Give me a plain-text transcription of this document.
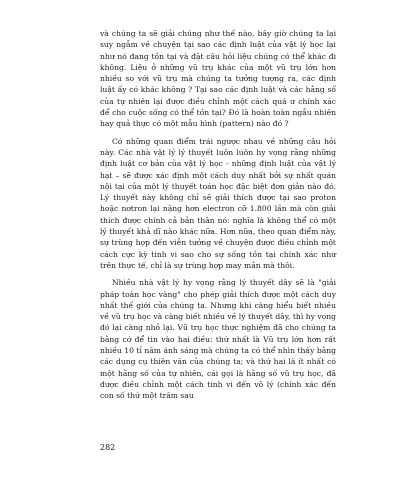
và chúng ta sẽ giải chúng như thế nào, bây giờ chúng ta lại suy ngẫm về chuyện tại sao các định luật của vật lý học lại như nó đang tồn tại và đặt câu hỏi liệu chúng có thể khác đi không. Liệu ở những vũ trụ khác của một vũ trụ lớn hơn nhiều so với vũ trụ mà chúng ta tưởng tượng ra, các định luật ấy có khác không ? Tại sao các định luật và các hằng số của tự nhiên lại được điều chỉnh một cách quá ư chính xác để cho cuộc sống có thể tồn tại? Đó là hoàn toàn ngẫu nhiên hay quả thực có một mẫu hình (pattern) nào đó ?

Có những quan điểm trái ngược nhau về những câu hỏi này. Các nhà vật lý lý thuyết luôn luôn hy vọng rằng những định luật cơ bản của vật lý học - những định luật của vật lý hạt – sẽ được xác định một cách duy nhất bởi sự nhất quán nội tại của một lý thuyết toán học đặc biệt đơn giản nào đó. Lý thuyết này không chỉ sẽ giải thích được tại sao proton hoặc nơtron lại nặng hơn electron cỡ 1.800 lần mà còn giải thích được chính cả bản thân nó: nghĩa là không thể có một lý thuyết khả dĩ nào khác nữa. Hơn nữa, theo quan điểm này, sự trùng hợp đến viễn tưởng về chuyện được điều chỉnh một cách cực kỳ tinh vi sao cho sự sống tồn tại chính xác như trên thực tế, chỉ là sự trùng hợp may mắn mà thôi.

Nhiều nhà vật lý hy vọng rằng lý thuyết dây sẽ là "giải pháp toàn học vàng" cho phép giải thích được một cách duy nhất thế giới của chúng ta. Nhưng khi càng hiểu biết nhiều về vũ trụ học và càng biết nhiều về lý thuyết dây, thì hy vọng đó lại càng nhỏ lại. Vũ trụ học thực nghiệm đã cho chúng ta bằng cớ để tin vào hai điều: thứ nhất là Vũ trụ lớn hơn rất nhiều 10 tỉ năm ánh sáng mà chúng ta có thể nhìn thấy bằng các dụng cụ thiên văn của chúng ta; và thứ hai là ít nhất có một hằng số của tự nhiên, cái gọi là hằng số vũ trụ học, đã được điều chỉnh một cách tinh vi đến vô lý (chính xác đến con số thứ một trăm sau

282
